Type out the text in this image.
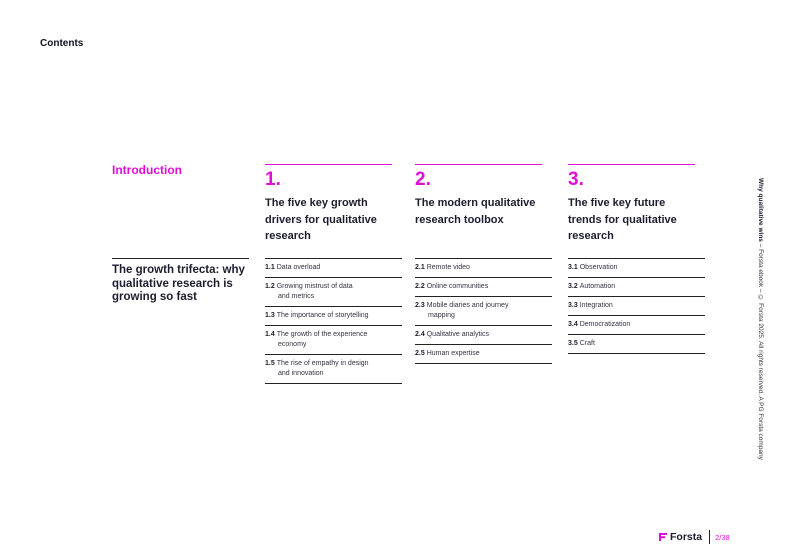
Contents
Introduction
The growth trifecta: why qualitative research is growing so fast
1.
The five key growth drivers for qualitative research
1.1 Data overload
1.2 Growing mistrust of data
and metrics
1.3 The importance of storytelling
1.4 The growth of the experience
economy
1.5 The rise of empathy in design
and innovation
2.
The modern qualitative research toolbox
2.1 Remote video
2.2 Online communities
2.3 Mobile diaries and journey
mapping
2.4 Qualitative analytics
2.5 Human expertise
3.
The five key future trends for qualitative research
3.1 Observation
3.2 Automation
3.3 Integration
3.4 Democratization
3.5 Craft
Why qualitative wins – Forsta ebook – © Forsta 2025. All rights reserved. A PG Forsta company
Forsta 2/38
